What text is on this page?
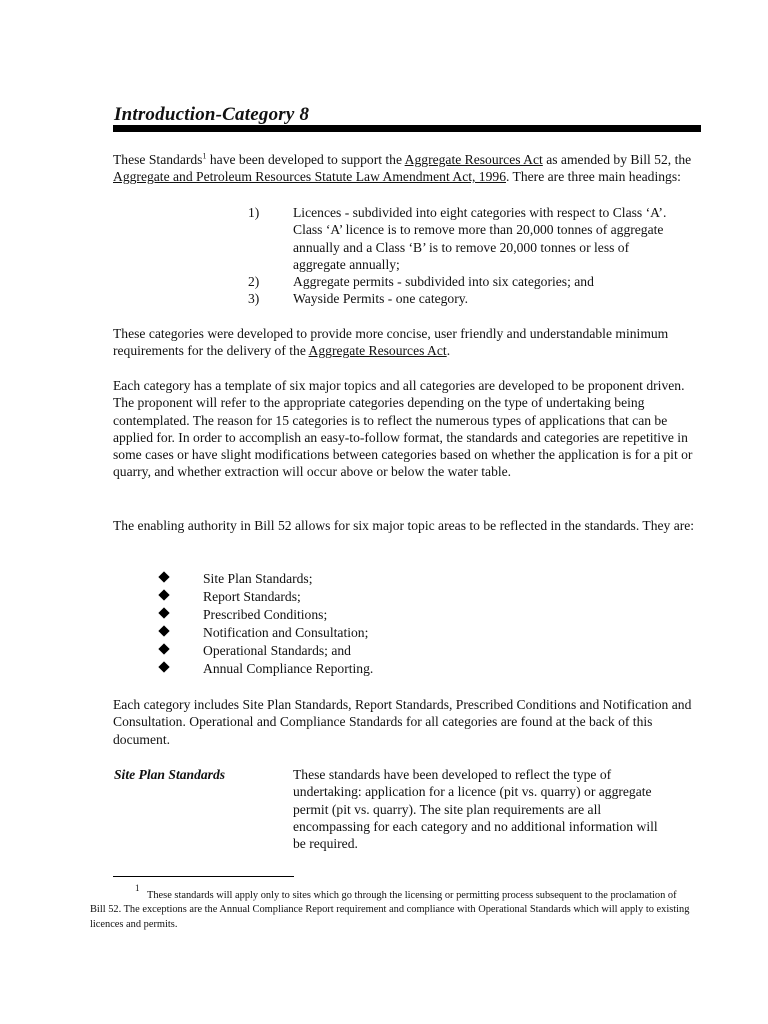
Introduction-Category 8

These Standards$^1$ have been developed to support the Aggregate Resources Act as amended by Bill 52, the Aggregate and Petroleum Resources Statute Law Amendment Act, 1996. There are three main headings:

1) Licences - subdivided into eight categories with respect to Class ‘A’.
Class ‘A’ licence is to remove more than 20,000 tonnes of aggregate
annually and a Class ‘B’ is to remove 20,000 tonnes or less of
aggregate annually;
2) Aggregate permits - subdivided into six categories; and
3) Wayside Permits - one category.

These categories were developed to provide more concise, user friendly and understandable minimum requirements for the delivery of the Aggregate Resources Act.

Each category has a template of six major topics and all categories are developed to be proponent driven. The proponent will refer to the appropriate categories depending on the type of undertaking being contemplated. The reason for 15 categories is to reflect the numerous types of applications that can be applied for. In order to accomplish an easy-to-follow format, the standards and categories are repetitive in some cases or have slight modifications between categories based on whether the application is for a pit or quarry, and whether extraction will occur above or below the water table.

The enabling authority in Bill 52 allows for six major topic areas to be reflected in the standards. They are:

Site Plan Standards;
Report Standards;
Prescribed Conditions;
Notification and Consultation;
Operational Standards; and
Annual Compliance Reporting.

Each category includes Site Plan Standards, Report Standards, Prescribed Conditions and Notification and Consultation. Operational and Compliance Standards for all categories are found at the back of this document.

Site Plan Standards	These standards have been developed to reflect the type of
undertaking: application for a licence (pit vs. quarry) or aggregate
permit (pit vs. quarry). The site plan requirements are all
encompassing for each category and no additional information will
be required.
1

These standards will apply only to sites which go through the licensing or permitting process subsequent to the proclamation of Bill 52. The exceptions are the Annual Compliance Report requirement and compliance with Operational Standards which will apply to existing licences and permits.
